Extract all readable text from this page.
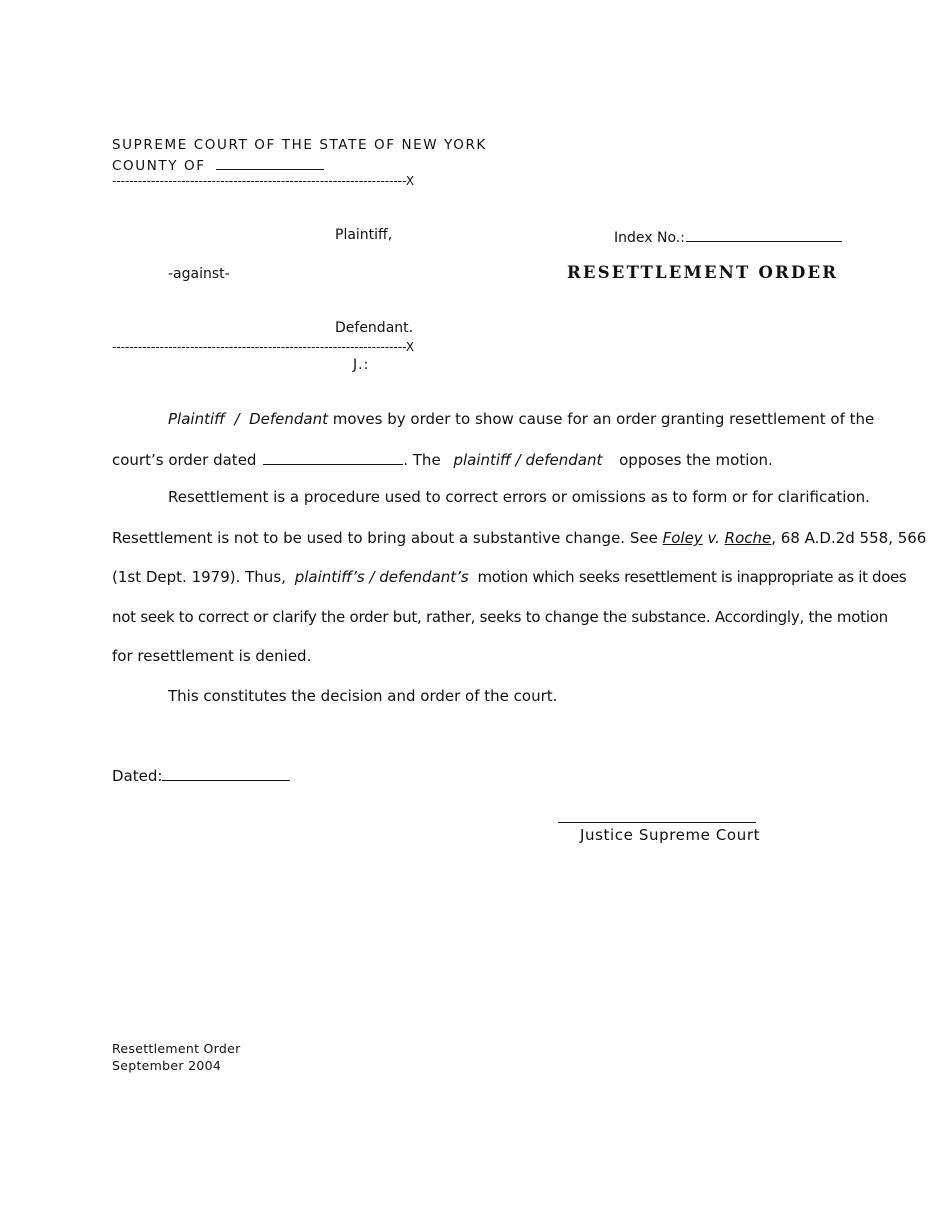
SUPREME COURT OF THE STATE OF NEW YORK
COUNTY OF
--------------------------------------------------------------------X
Plaintiff,	Index No.:
-against-	RESETTLEMENT ORDER
Defendant.
--------------------------------------------------------------------X
J.:
Plaintiff  /  Defendant moves by order to show cause for an order granting resettlement of the
court’s order dated	. The plaintiff / defendant opposes the motion.
Resettlement is a procedure used to correct errors or omissions as to form or for clarification.
Resettlement is not to be used to bring about a substantive change. See Foley v. Roche, 68 A.D.2d 558, 566
(1st Dept. 1979). Thus, plaintiff’s / defendant’s motion which seeks resettlement is inappropriate as it does
not seek to correct or clarify the order but, rather, seeks to change the substance. Accordingly, the motion
for resettlement is denied.
This constitutes the decision and order of the court.
Dated:
Justice Supreme Court
Resettlement Order
September 2004
